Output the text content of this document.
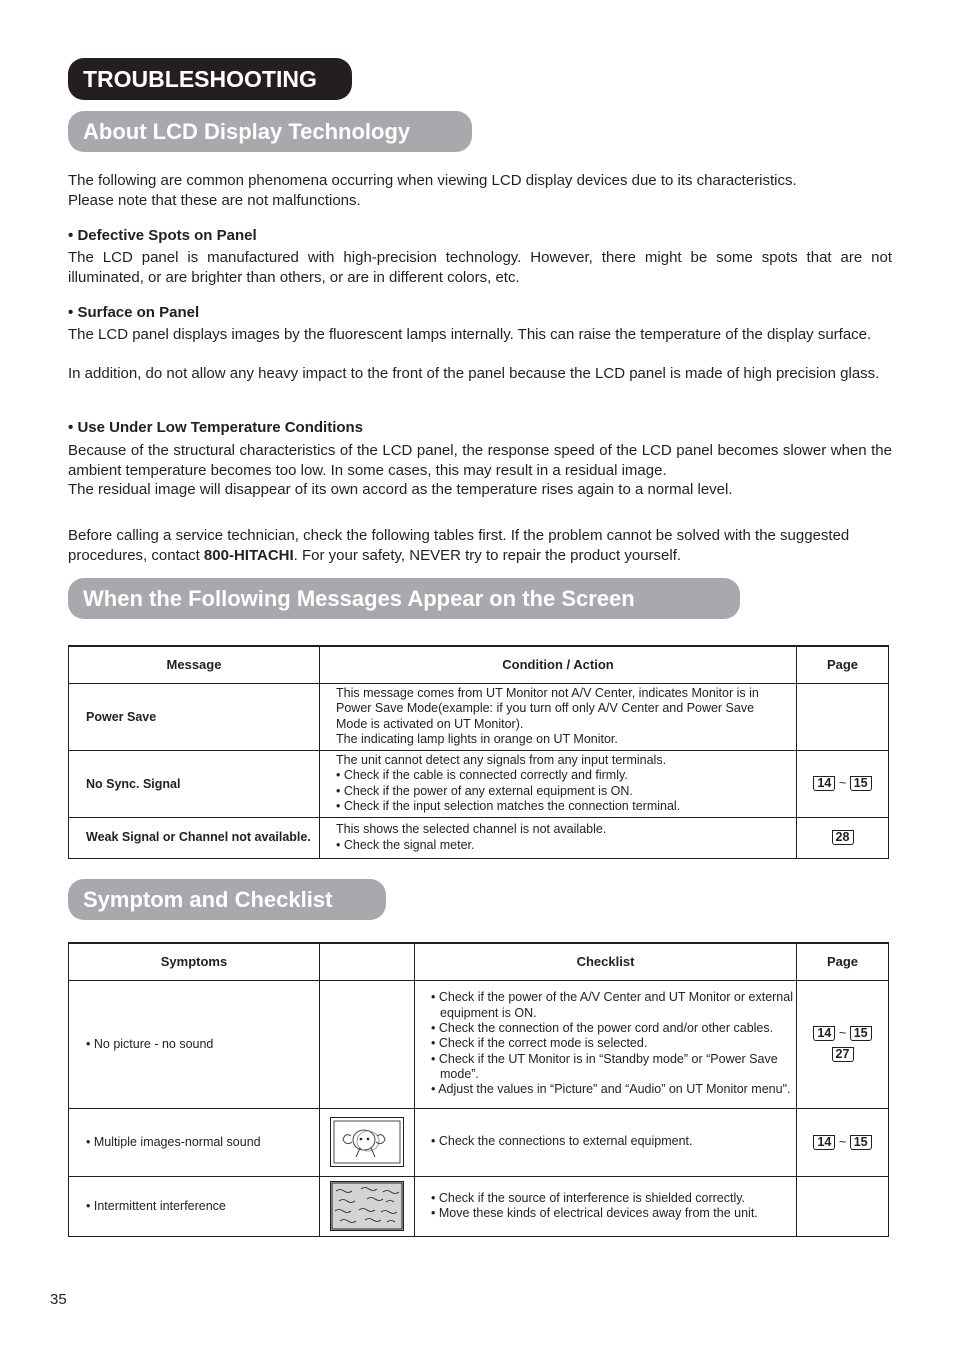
TROUBLESHOOTING
About LCD Display Technology

The following are common phenomena occurring when viewing LCD display devices due to its characteristics.
Please note that these are not malfunctions.

• Defective Spots on Panel

The LCD panel is manufactured with high-precision technology. However, there might be some spots that are not illuminated, or are brighter than others, or are in different colors, etc.

• Surface on Panel

The LCD panel displays images by the fluorescent lamps internally. This can raise the temperature of the display surface.

In addition, do not allow any heavy impact to the front of the panel because the LCD panel is made of high precision glass.

• Use Under Low Temperature Conditions

Because of the structural characteristics of the LCD panel, the response speed of the LCD panel becomes slower when the ambient temperature becomes too low. In some cases, this may result in a residual image.

The residual image will disappear of its own accord as the temperature rises again to a normal level.

Before calling a service technician, check the following tables first. If the problem cannot be solved with the suggested procedures, contact 800-HITACHI. For your safety, NEVER try to repair the product yourself.

When the Following Messages Appear on the Screen
Message	Condition / Action	Page
Power Save	This message comes from UT Monitor not A/V Center, indicates Monitor is in
Power Save Mode(example: if you turn off only A/V Center and Power Save
Mode is activated on UT Monitor).
The indicating lamp lights in orange on UT Monitor.	

No Sync. Signal	The unit cannot detect any signals from any input terminals.
• Check if the cable is connected correctly and firmly.
• Check if the power of any external equipment is ON.
• Check if the input selection matches the connection terminal.	14 ~ 15
Weak Signal or Channel not available.	This shows the selected channel is not available.
• Check the signal meter.	28
Symptom and Checklist
Symptoms		Checklist	Page
• No picture - no sound		• Check if the power of the A/V Center and UT Monitor or external equipment is ON.
• Check the connection of the power cord and/or other cables.
• Check if the correct mode is selected.
• Check if the UT Monitor is in “Standby mode” or “Power Save mode”.
• Adjust the values in “Picture” and “Audio” on UT Monitor menu".	14 ~ 15
27
• Multiple images-normal sound		• Check the connections to external equipment.	14 ~ 15
• Intermittent interference		• Check if the source of interference is shielded correctly.
• Move these kinds of electrical devices away from the unit.	

35
